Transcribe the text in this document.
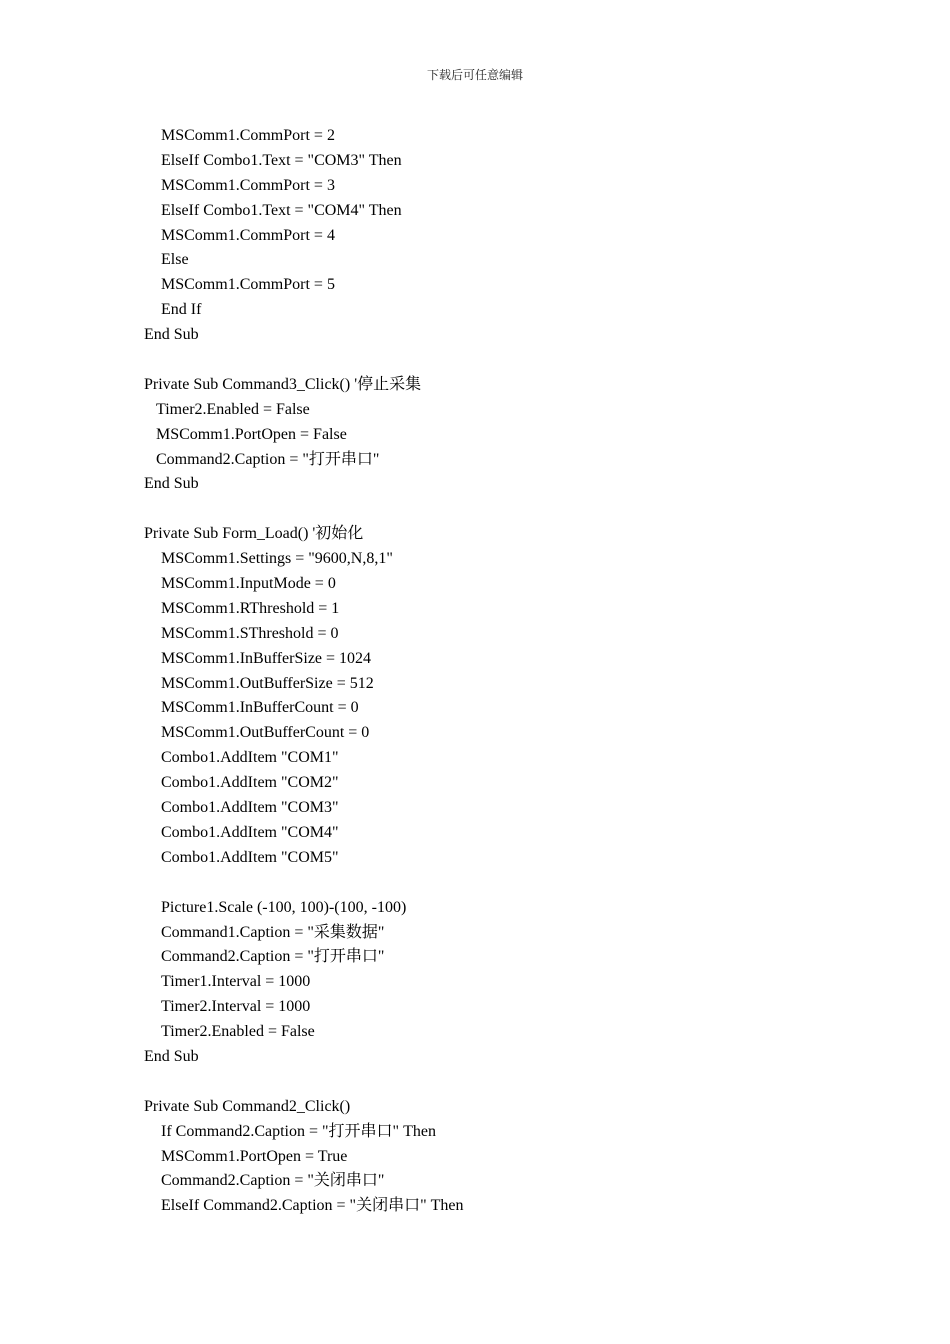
下载后可任意编辑
MSComm1.CommPort = 2
ElseIf Combo1.Text = "COM3" Then
MSComm1.CommPort = 3
ElseIf Combo1.Text = "COM4" Then
MSComm1.CommPort = 4
Else
MSComm1.CommPort = 5
End If
End Sub
Private Sub Command3_Click() '停止采集
Timer2.Enabled = False
MSComm1.PortOpen = False
Command2.Caption = "打开串口"
End Sub
Private Sub Form_Load() '初始化
MSComm1.Settings = "9600,N,8,1"
MSComm1.InputMode = 0
MSComm1.RThreshold = 1
MSComm1.SThreshold = 0
MSComm1.InBufferSize = 1024
MSComm1.OutBufferSize = 512
MSComm1.InBufferCount = 0
MSComm1.OutBufferCount = 0
Combo1.AddItem "COM1"
Combo1.AddItem "COM2"
Combo1.AddItem "COM3"
Combo1.AddItem "COM4"
Combo1.AddItem "COM5"
Picture1.Scale (-100, 100)-(100, -100)
Command1.Caption = "采集数据"
Command2.Caption = "打开串口"
Timer1.Interval = 1000
Timer2.Interval = 1000
Timer2.Enabled = False
End Sub
Private Sub Command2_Click()
If Command2.Caption = "打开串口" Then
MSComm1.PortOpen = True
Command2.Caption = "关闭串口"
ElseIf Command2.Caption = "关闭串口" Then
